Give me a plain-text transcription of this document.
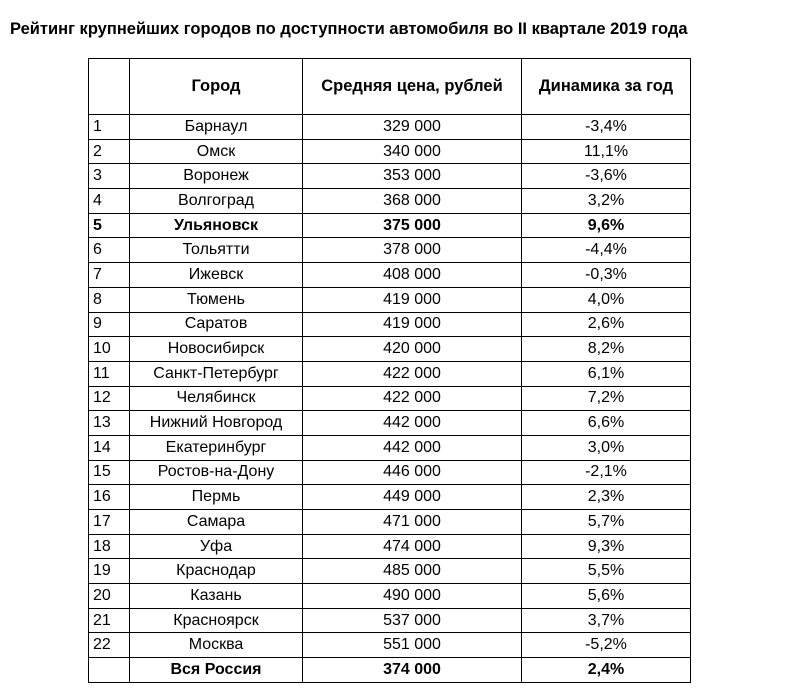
Рейтинг крупнейших городов по доступности автомобиля во II квартале 2019 года
	Город	Средняя цена, рублей	Динамика за год
1	Барнаул	329 000	-3,4%
2	Омск	340 000	11,1%
3	Воронеж	353 000	-3,6%
4	Волгоград	368 000	3,2%
5	Ульяновск	375 000	9,6%
6	Тольятти	378 000	-4,4%
7	Ижевск	408 000	-0,3%
8	Тюмень	419 000	4,0%
9	Саратов	419 000	2,6%
10	Новосибирск	420 000	8,2%
11	Санкт-Петербург	422 000	6,1%
12	Челябинск	422 000	7,2%
13	Нижний Новгород	442 000	6,6%
14	Екатеринбург	442 000	3,0%
15	Ростов-на-Дону	446 000	-2,1%
16	Пермь	449 000	2,3%
17	Самара	471 000	5,7%
18	Уфа	474 000	9,3%
19	Краснодар	485 000	5,5%
20	Казань	490 000	5,6%
21	Красноярск	537 000	3,7%
22	Москва	551 000	-5,2%
	Вся Россия	374 000	2,4%
